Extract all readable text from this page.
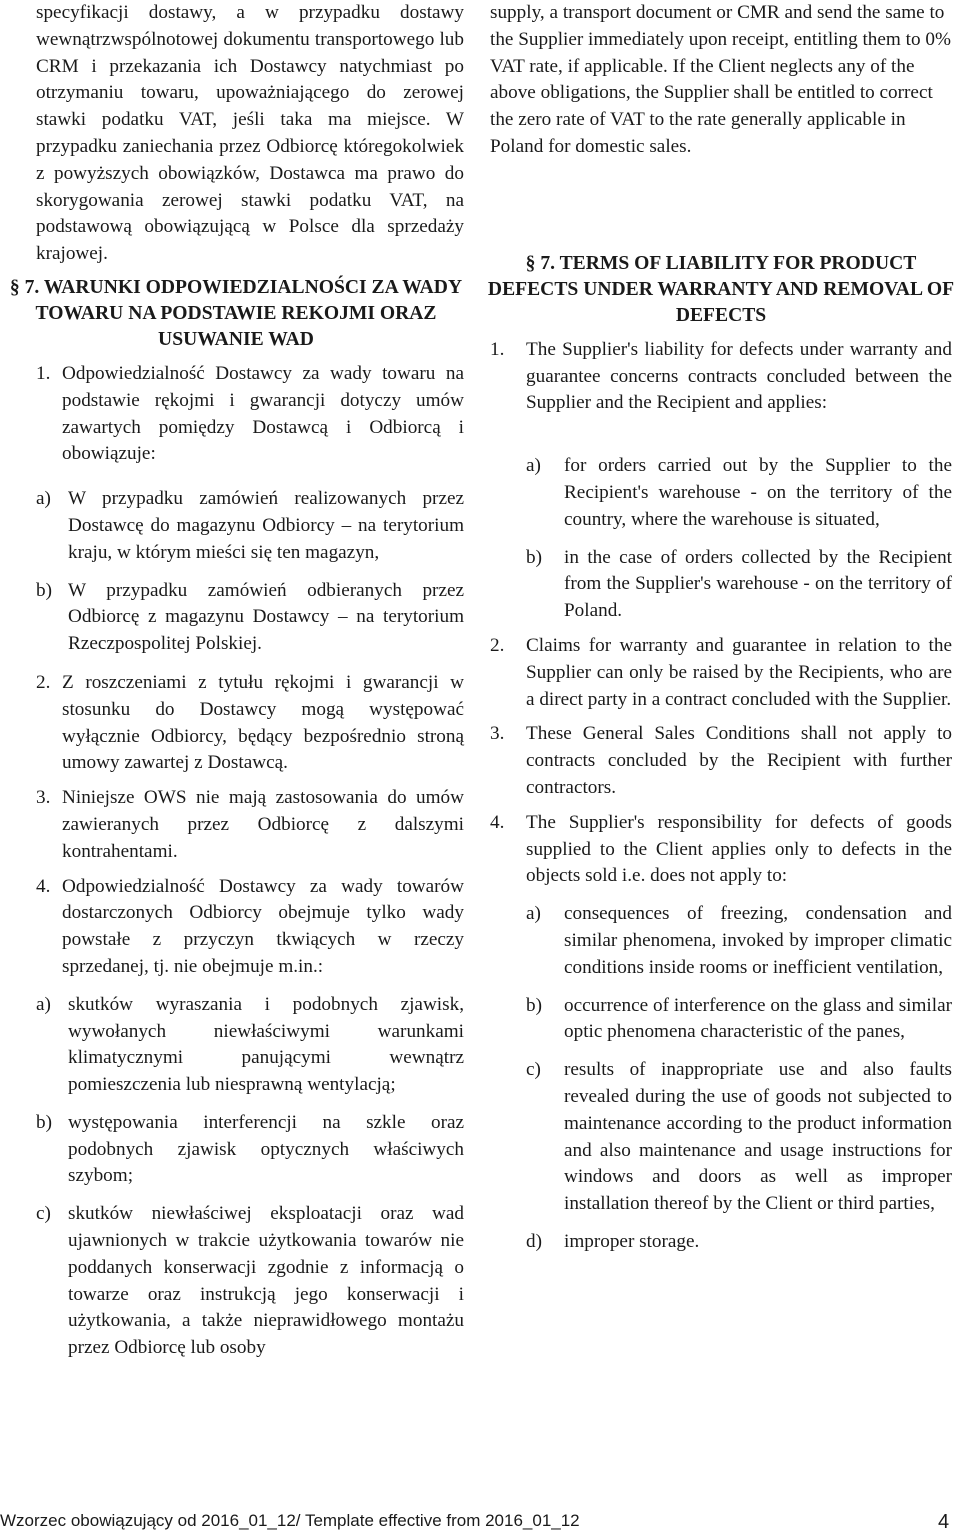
specyfikacji dostawy, a w przypadku dostawy wewnątrzwspólnotowej dokumentu transportowego lub CRM i przekazania ich Dostawcy natychmiast po otrzymaniu towaru, upoważniającego do zerowej stawki podatku VAT, jeśli taka ma miejsce. W przypadku zaniechania przez Odbiorcę któregokolwiek z powyższych obowiązków, Dostawca ma prawo do skorygowania zerowej stawki podatku VAT, na podstawową obowiązującą w Polsce dla sprzedaży krajowej.

§ 7. WARUNKI ODPOWIEDZIALNOŚCI ZA WADY TOWARU NA PODSTAWIE REKOJMI ORAZ USUWANIE WAD

1. Odpowiedzialność Dostawcy za wady towaru na podstawie rękojmi i gwarancji dotyczy umów zawartych pomiędzy Dostawcą i Odbiorcą i obowiązuje:
a) W przypadku zamówień realizowanych przez Dostawcę do magazynu Odbiorcy – na terytorium kraju, w którym mieści się ten magazyn,
b) W przypadku zamówień odbieranych przez Odbiorcę z magazynu Dostawcy – na terytorium Rzeczpospolitej Polskiej.
2. Z roszczeniami z tytułu rękojmi i gwarancji w stosunku do Dostawcy mogą występować wyłącznie Odbiorcy, będący bezpośrednio stroną umowy zawartej z Dostawcą.
3. Niniejsze OWS nie mają zastosowania do umów zawieranych przez Odbiorcę z dalszymi kontrahentami.
4. Odpowiedzialność Dostawcy za wady towarów dostarczonych Odbiorcy obejmuje tylko wady powstałe z przyczyn tkwiących w rzeczy sprzedanej, tj. nie obejmuje m.in.:
a) skutków wyraszania i podobnych zjawisk, wywołanych niewłaściwymi warunkami klimatycznymi panującymi wewnątrz pomieszczenia lub niesprawną wentylacją;
b) występowania interferencji na szkle oraz podobnych zjawisk optycznych właściwych szybom;
c) skutków niewłaściwej eksploatacji oraz wad ujawnionych w trakcie użytkowania towarów nie poddanych konserwacji zgodnie z informacją o towarze oraz instrukcją jego konserwacji i użytkowania, a także nieprawidłowego montażu przez Odbiorcę lub osoby

supply, a transport document or CMR and send the same to the Supplier immediately upon receipt, entitling them to 0% VAT rate, if applicable. If the Client neglects any of the above obligations, the Supplier shall be entitled to correct the zero rate of VAT to the rate generally applicable in Poland for domestic sales.

§ 7. TERMS OF LIABILITY FOR PRODUCT DEFECTS UNDER WARRANTY AND REMOVAL OF DEFECTS

1.	The Supplier's liability for defects under warranty and guarantee concerns contracts concluded between the Supplier and the Recipient and applies:
a)	for orders carried out by the Supplier to the Recipient's warehouse - on the territory of the country, where the warehouse is situated,
b)	in the case of orders collected by the Recipient from the Supplier's warehouse - on the territory of Poland.
2.	Claims for warranty and guarantee in relation to the Supplier can only be raised by the Recipients, who are a direct party in a contract concluded with the Supplier.
3.	These General Sales Conditions shall not apply to contracts concluded by the Recipient with further contractors.
4.	The Supplier's responsibility for defects of goods supplied to the Client applies only to defects in the objects sold i.e. does not apply to:
a)	consequences of freezing, condensation and similar phenomena, invoked by improper climatic conditions inside rooms or inefficient ventilation,
b)	occurrence of interference on the glass and similar optic phenomena characteristic of the panes,
c)	results of inappropriate use and also faults revealed during the use of goods not subjected to maintenance according to the product information and also maintenance and usage instructions for windows and doors as well as improper installation thereof by the Client or third parties,
d)	improper storage.
Wzorzec obowiązujący od 2016_01_12/ Template effective from 2016_01_12	4
